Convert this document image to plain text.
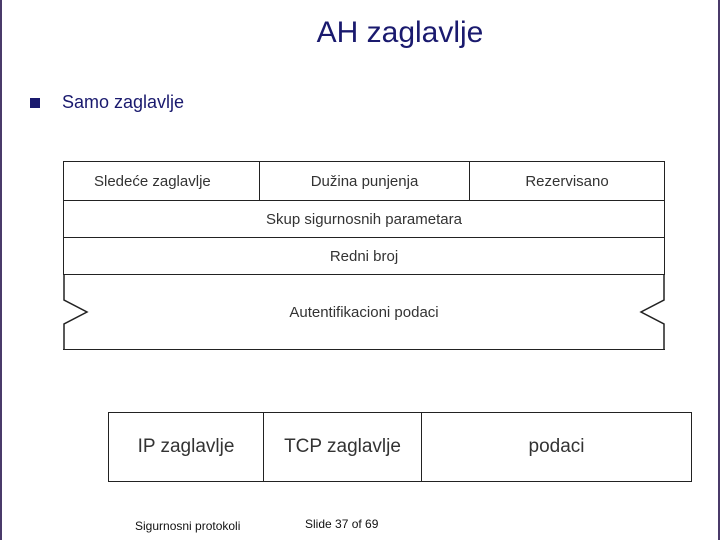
AH zaglavlje
Samo zaglavlje
Sledeće zaglavlje	Dužina punjenja	Rezervisano
Skup sigurnosnih parametara
Redni broj
Autentifikacioni podaci
IP zaglavlje	TCP zaglavlje	podaci
Sigurnosni protokoli	Slide 37 of 69
